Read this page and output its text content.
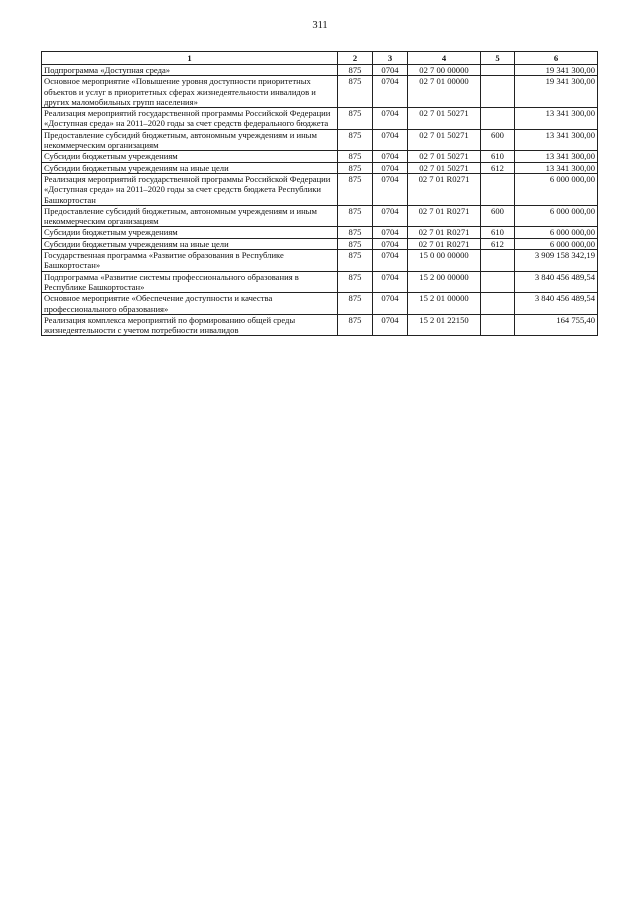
311
1	2	3	4	5	6
Подпрограмма «Доступная среда»	875	0704	02 7 00 00000		19 341 300,00
Основное мероприятие «Повышение уровня доступности приоритетных объектов и услуг в приоритетных сферах жизнедеятельности инвалидов и других маломобильных групп населения»	875	0704	02 7 01 00000		19 341 300,00
Реализация мероприятий государственной программы Российской Федерации «Доступная среда» на 2011–2020 годы за счет средств федерального бюджета	875	0704	02 7 01 50271		13 341 300,00
Предоставление субсидий бюджетным, автономным учреждениям и иным некоммерческим организациям	875	0704	02 7 01 50271	600	13 341 300,00
Субсидии бюджетным учреждениям	875	0704	02 7 01 50271	610	13 341 300,00
Субсидии бюджетным учреждениям на иные цели	875	0704	02 7 01 50271	612	13 341 300,00
Реализация мероприятий государственной программы Российской Федерации «Доступная среда» на 2011–2020 годы за счет средств бюджета Республики Башкортостан	875	0704	02 7 01 R0271		6 000 000,00
Предоставление субсидий бюджетным, автономным учреждениям и иным некоммерческим организациям	875	0704	02 7 01 R0271	600	6 000 000,00
Субсидии бюджетным учреждениям	875	0704	02 7 01 R0271	610	6 000 000,00
Субсидии бюджетным учреждениям на иные цели	875	0704	02 7 01 R0271	612	6 000 000,00
Государственная программа «Развитие образования в Республике Башкортостан»	875	0704	15 0 00 00000		3 909 158 342,19
Подпрограмма «Развитие системы профессионального образования в Республике Башкортостан»	875	0704	15 2 00 00000		3 840 456 489,54
Основное мероприятие «Обеспечение доступности и качества профессионального образования»	875	0704	15 2 01 00000		3 840 456 489,54
Реализация комплекса мероприятий по формированию общей среды жизнедеятельности с учетом потребности инвалидов	875	0704	15 2 01 22150		164 755,40
